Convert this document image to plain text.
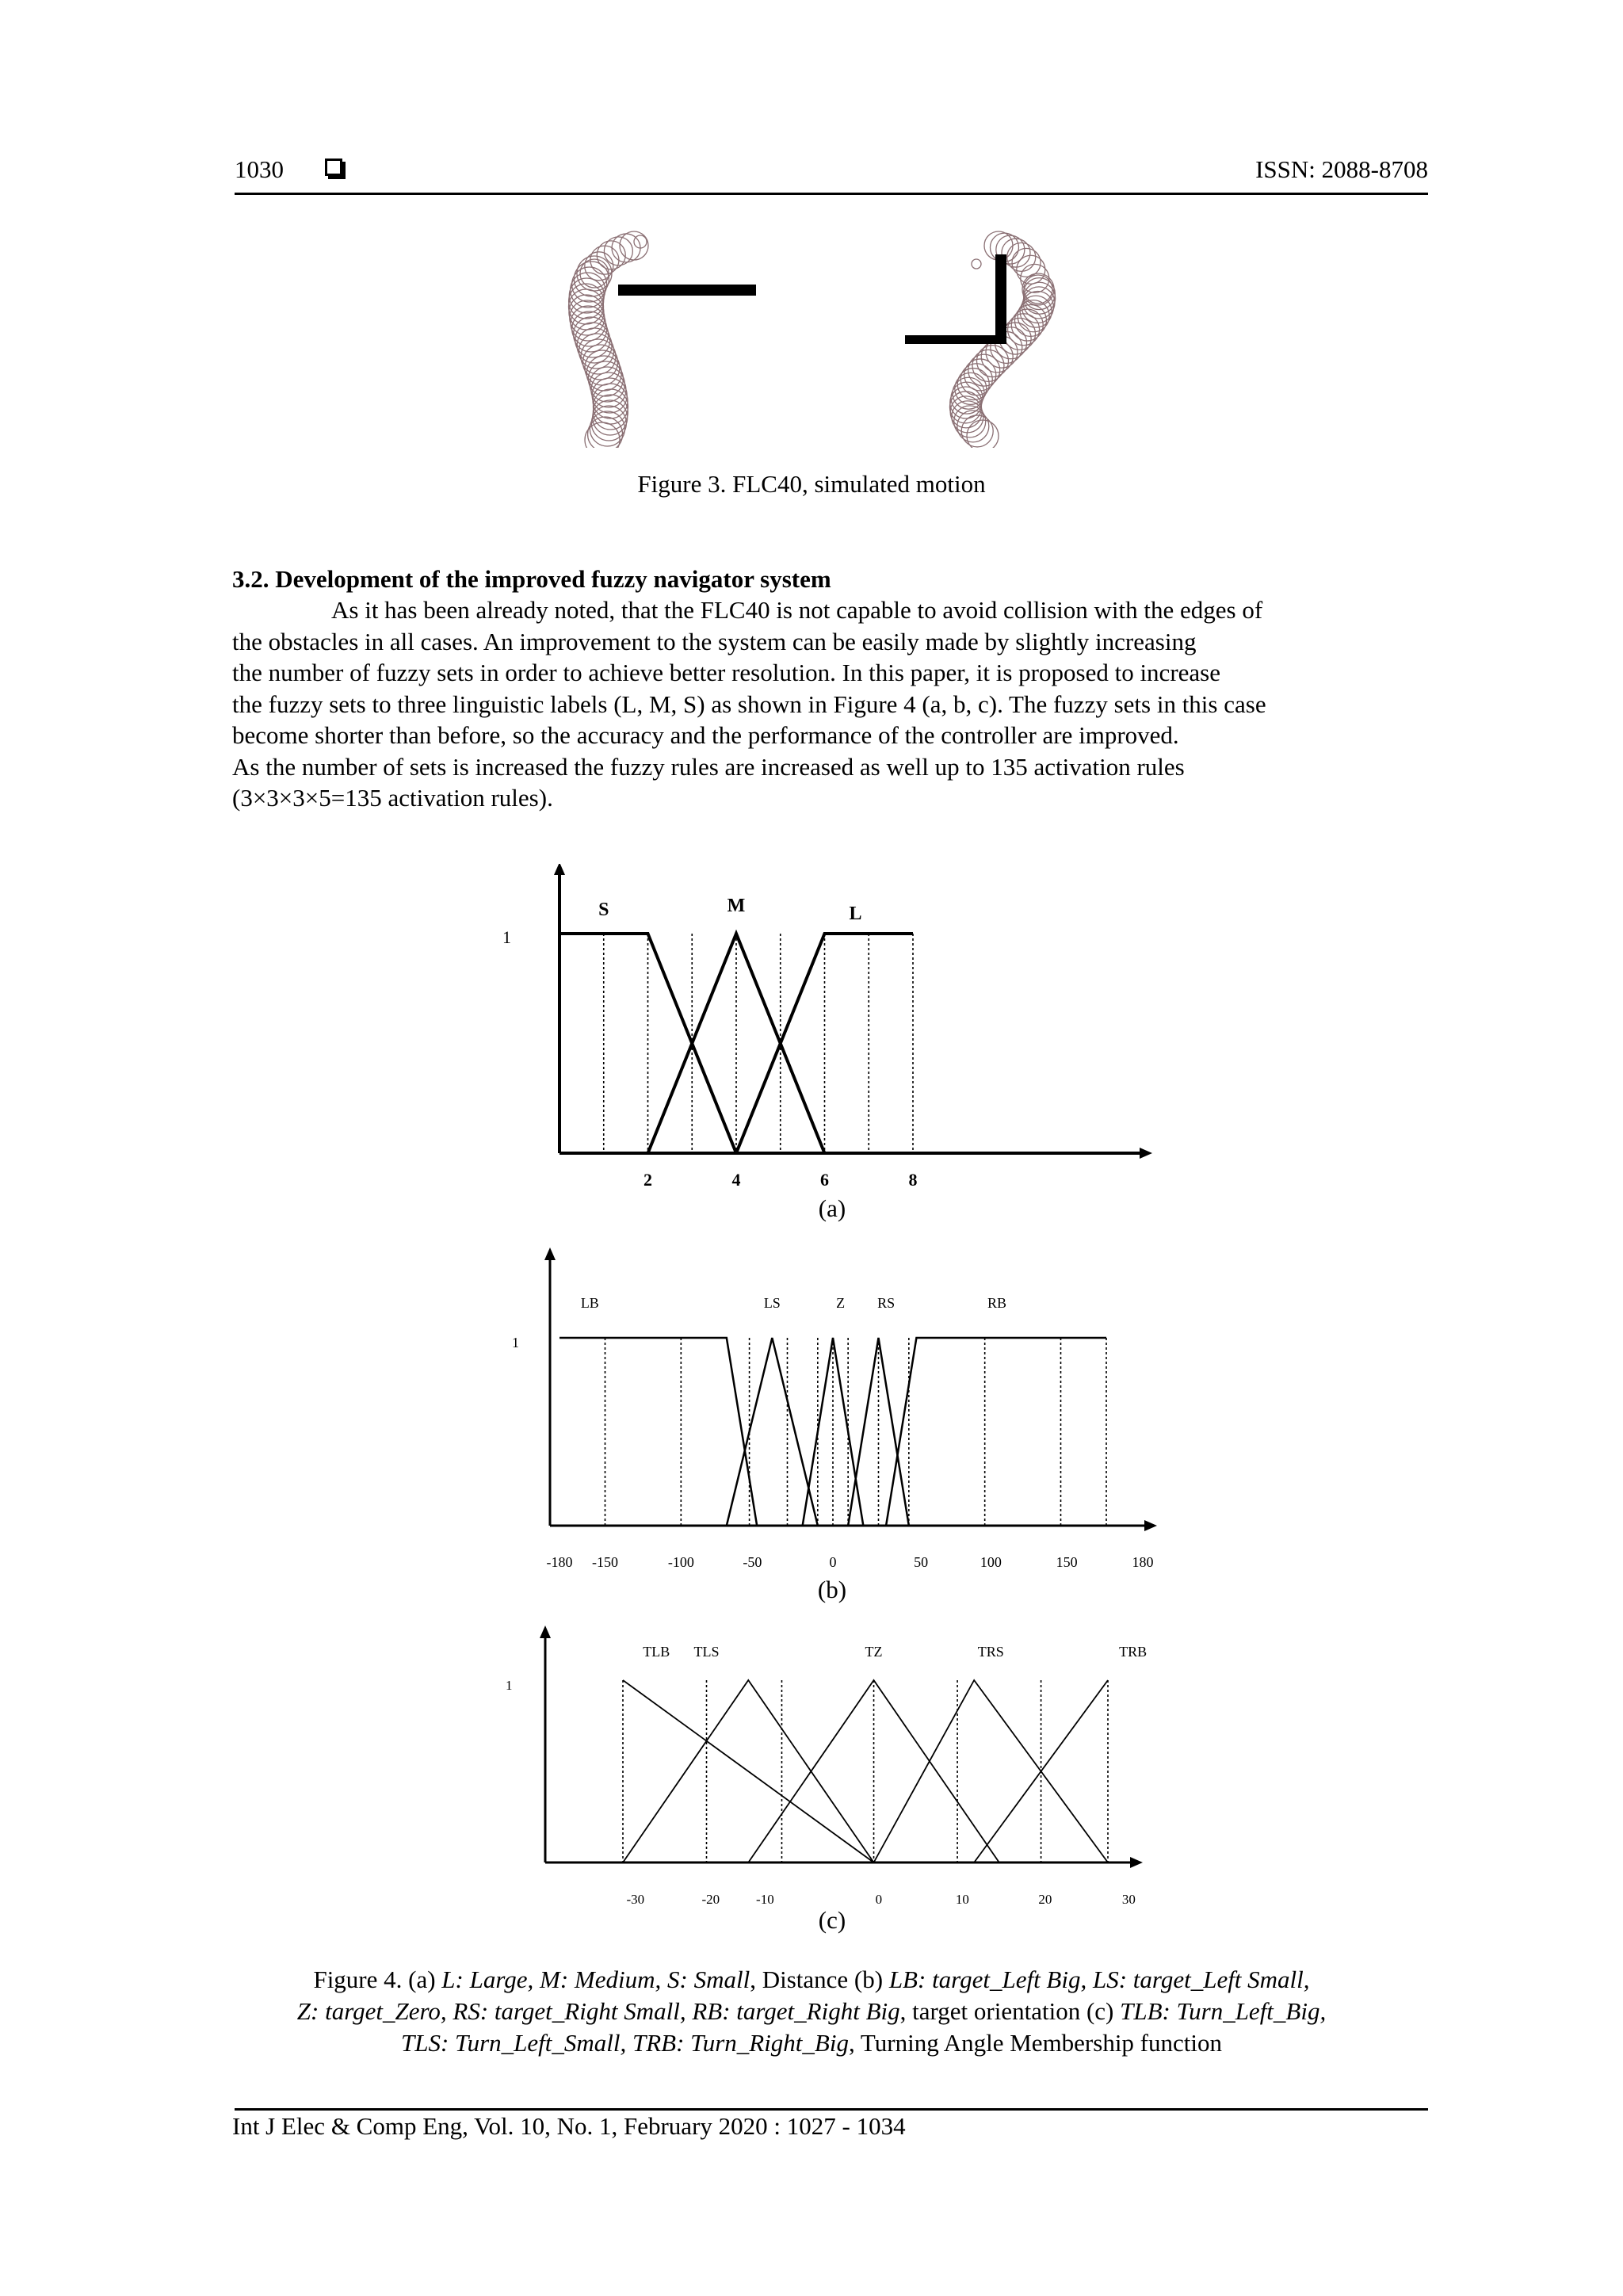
1030	ISSN: 2088-8708
Figure 3. FLC40, simulated motion
3.2. Development of the improved fuzzy navigator system
As it has been already noted, that the FLC40 is not capable to avoid collision with the edges of
the obstacles in all cases. An improvement to the system can be easily made by slightly increasing
the number of fuzzy sets in order to achieve better resolution. In this paper, it is proposed to increase
the fuzzy sets to three linguistic labels (L, M, S) as shown in Figure 4 (a, b, c). The fuzzy sets in this case
become shorter than before, so the accuracy and the performance of the controller are improved.
As the number of sets is increased the fuzzy rules are increased as well up to 135 activation rules
(3×3×3×5=135 activation rules).
1
2	4	6	8
S	M	L
(a)
1
-180 -150	-100	-50	0	50	100	150	180
LB	LS	Z RS	RB
(b)
1
-30	-20	-10	0	10	20	30
TLB TLS	TZ	TRS	TRB
(c)
Figure 4. (a) L: Large, M: Medium, S: Small, Distance (b) LB: target_Left Big, LS: target_Left Small,
Z: target_Zero, RS: target_Right Small, RB: target_Right Big, target orientation (c) TLB: Turn_Left_Big,
TLS: Turn_Left_Small, TRB: Turn_Right_Big, Turning Angle Membership function
Int J Elec & Comp Eng, Vol. 10, No. 1, February 2020 : 1027 - 1034
